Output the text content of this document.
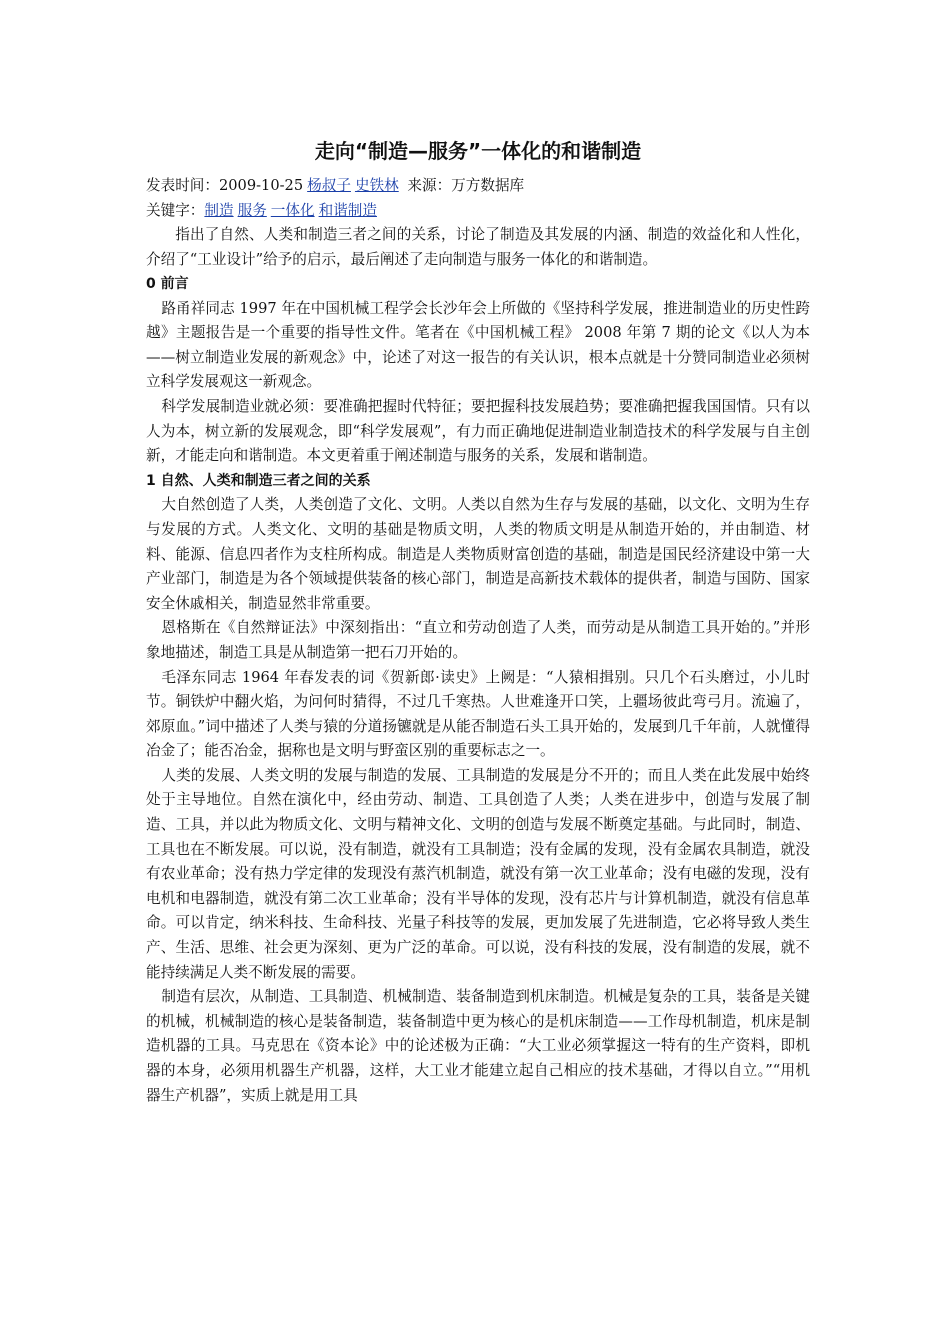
走向“制造—服务”一体化的和谐制造
发表时间：2009-10-25 杨叔子 史铁林 来源：万方数据库
关键字：制造 服务 一体化 和谐制造

指出了自然、人类和制造三者之间的关系，讨论了制造及其发展的内涵、制造的效益化和人性化，介绍了“工业设计”给予的启示，最后阐述了走向制造与服务一体化的和谐制造。

0 前言

路甬祥同志 1997 年在中国机械工程学会长沙年会上所做的《坚持科学发展，推进制造业的历史性跨越》主题报告是一个重要的指导性文件。笔者在《中国机械工程》 2008 年第 7 期的论文《以人为本——树立制造业发展的新观念》中，论述了对这一报告的有关认识，根本点就是十分赞同制造业必须树立科学发展观这一新观念。

科学发展制造业就必须：要准确把握时代特征；要把握科技发展趋势；要准确把握我国国情。只有以人为本，树立新的发展观念，即“科学发展观”，有力而正确地促进制造业制造技术的科学发展与自主创新，才能走向和谐制造。本文更着重于阐述制造与服务的关系，发展和谐制造。

1 自然、人类和制造三者之间的关系

大自然创造了人类，人类创造了文化、文明。人类以自然为生存与发展的基础，以文化、文明为生存与发展的方式。人类文化、文明的基础是物质文明，人类的物质文明是从制造开始的，并由制造、材料、能源、信息四者作为支柱所构成。制造是人类物质财富创造的基础，制造是国民经济建设中第一大产业部门，制造是为各个领域提供装备的核心部门，制造是高新技术载体的提供者，制造与国防、国家安全休戚相关，制造显然非常重要。

恩格斯在《自然辩证法》中深刻指出：“直立和劳动创造了人类，而劳动是从制造工具开始的。”并形象地描述，制造工具是从制造第一把石刀开始的。

毛泽东同志 1964 年春发表的词《贺新郎·读史》上阙是：“人猿相揖别。只几个石头磨过，小儿时节。铜铁炉中翻火焰，为问何时猜得，不过几千寒热。人世难逢开口笑，上疆场彼此弯弓月。流遍了，郊原血。”词中描述了人类与猿的分道扬镳就是从能否制造石头工具开始的，发展到几千年前，人就懂得冶金了；能否冶金，据称也是文明与野蛮区别的重要标志之一。

人类的发展、人类文明的发展与制造的发展、工具制造的发展是分不开的；而且人类在此发展中始终处于主导地位。自然在演化中，经由劳动、制造、工具创造了人类；人类在进步中，创造与发展了制造、工具，并以此为物质文化、文明与精神文化、文明的创造与发展不断奠定基础。与此同时，制造、工具也在不断发展。可以说，没有制造，就没有工具制造；没有金属的发现，没有金属农具制造，就没有农业革命；没有热力学定律的发现没有蒸汽机制造，就没有第一次工业革命；没有电磁的发现，没有电机和电器制造，就没有第二次工业革命；没有半导体的发现，没有芯片与计算机制造，就没有信息革命。可以肯定，纳米科技、生命科技、光量子科技等的发展，更加发展了先进制造，它必将导致人类生产、生活、思维、社会更为深刻、更为广泛的革命。可以说，没有科技的发展，没有制造的发展，就不能持续满足人类不断发展的需要。

制造有层次，从制造、工具制造、机械制造、装备制造到机床制造。机械是复杂的工具，装备是关键的机械，机械制造的核心是装备制造，装备制造中更为核心的是机床制造——工作母机制造，机床是制造机器的工具。马克思在《资本论》中的论述极为正确：“大工业必须掌握这一特有的生产资料，即机器的本身，必须用机器生产机器，这样，大工业才能建立起自己相应的技术基础，才得以自立。”“用机器生产机器”，实质上就是用工具
